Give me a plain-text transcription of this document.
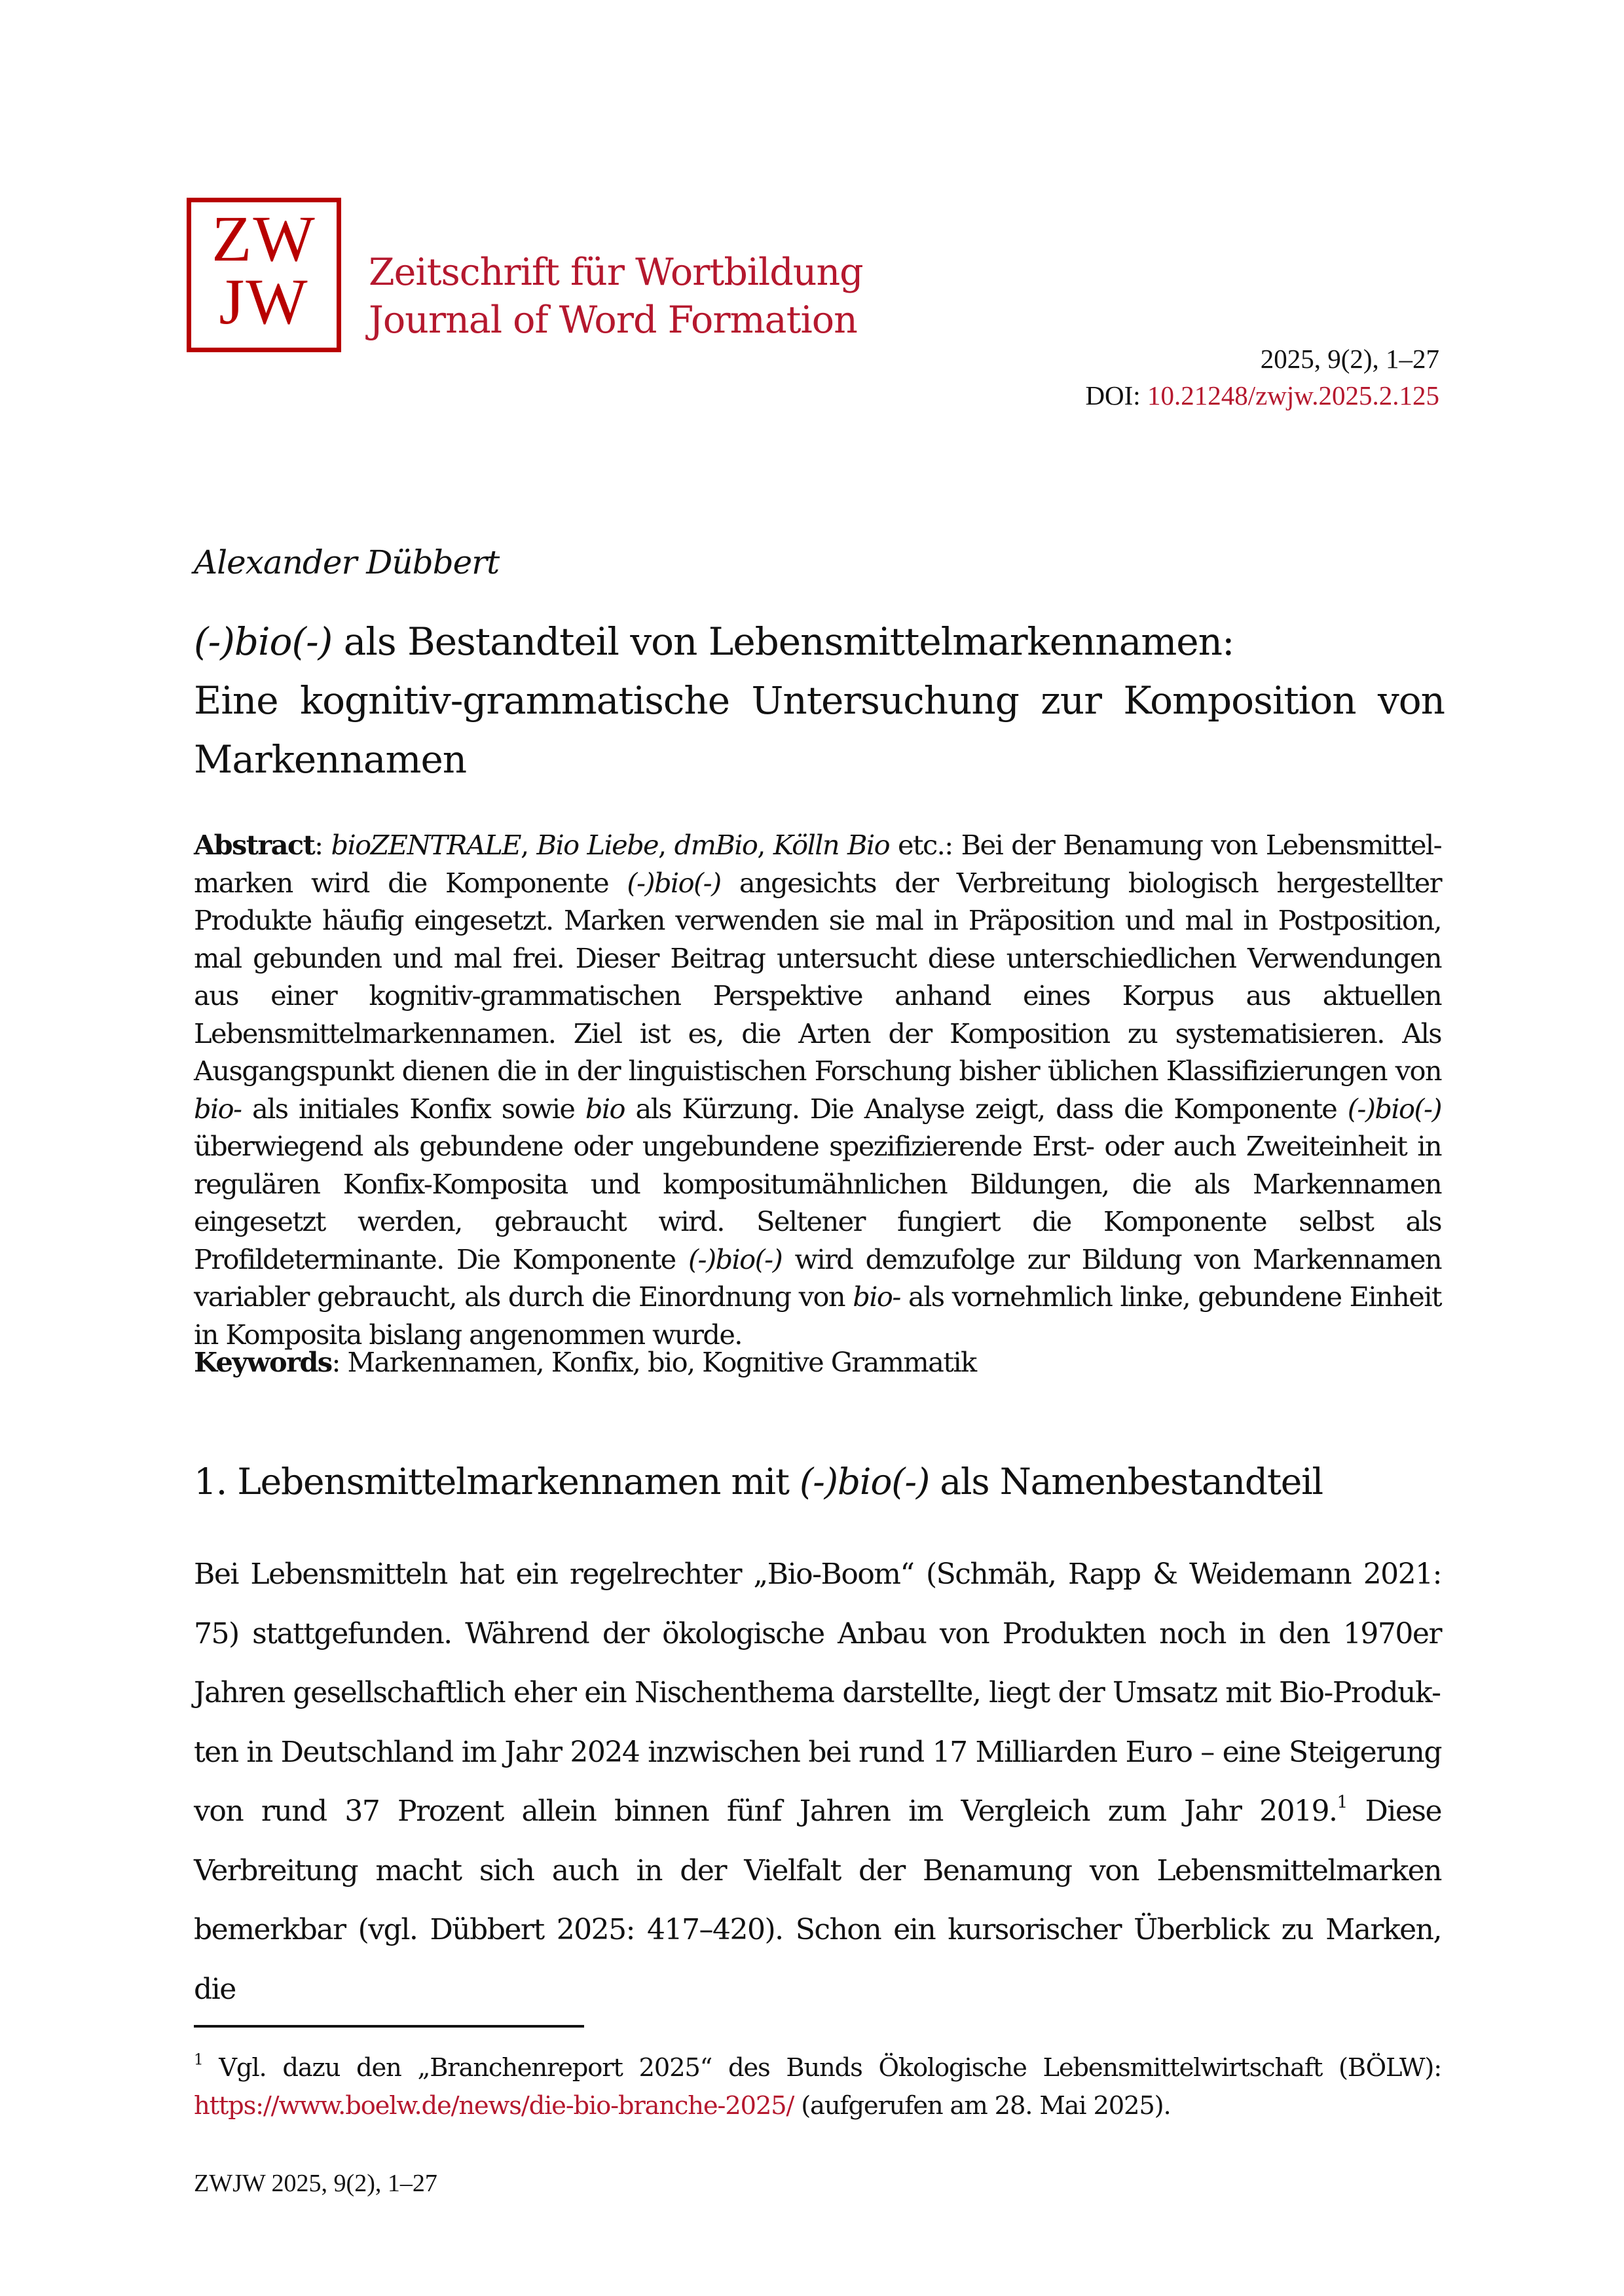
ZW
JW	Zeitschrift für Wortbildung
Journal of Word Formation
2025, 9(2), 1–27
DOI: 10.21248/zwjw.2025.2.125
Alexander Dübbert
(-)bio(-) als Bestandteil von Lebensmittelmarkennamen:
Eine kognitiv-grammatische Untersuchung zur Komposition von
Markennamen
Abstract: bioZENTRALE, Bio Liebe, dmBio, Kölln Bio etc.: Bei der Benamung von Lebensmittel-marken wird die Komponente (-)bio(-) angesichts der Verbreitung biologisch hergestellter Produkte häufig eingesetzt. Marken verwenden sie mal in Präposition und mal in Postposition, mal gebunden und mal frei. Dieser Beitrag untersucht diese unterschiedlichen Verwendungen aus einer kognitiv-grammatischen Perspektive anhand eines Korpus aus aktuellen Lebensmittelmarkennamen. Ziel ist es, die Arten der Komposition zu systematisieren. Als Ausgangspunkt dienen die in der linguistischen Forschung bisher üblichen Klassifizierungen von bio- als initiales Konfix sowie bio als Kürzung. Die Analyse zeigt, dass die Komponente (-)bio(-) überwiegend als gebundene oder ungebundene spezifizierende Erst- oder auch Zweiteinheit in regulären Konfix-Komposita und kompositumähnlichen Bildungen, die als Markennamen eingesetzt werden, gebraucht wird. Seltener fungiert die Komponente selbst als Profildeterminante. Die Komponente (-)bio(-) wird demzufolge zur Bildung von Markennamen variabler gebraucht, als durch die Einordnung von bio- als vornehmlich linke, gebundene Einheit in Komposita bislang angenommen wurde.
Keywords: Markennamen, Konfix, bio, Kognitive Grammatik
1. Lebensmittelmarkennamen mit (-)bio(-) als Namenbestandteil
Bei Lebensmitteln hat ein regelrechter „Bio-Boom“ (Schmäh, Rapp & Weidemann 2021: 75) stattgefunden. Während der ökologische Anbau von Produkten noch in den 1970er Jahren gesellschaftlich eher ein Nischenthema darstellte, liegt der Umsatz mit Bio-Produkten in Deutschland im Jahr 2024 inzwischen bei rund 17 Milliarden Euro – eine Steigerung von rund 37 Prozent allein binnen fünf Jahren im Vergleich zum Jahr 2019.$^1$ Diese Verbreitung macht sich auch in der Vielfalt der Benamung von Lebensmittelmarken bemerkbar (vgl. Dübbert 2025: 417–420). Schon ein kursorischer Überblick zu Marken, die
$^1$ Vgl. dazu den „Branchenreport 2025“ des Bunds Ökologische Lebensmittelwirtschaft (BÖLW): https://www.boelw.de/news/die-bio-branche-2025/ (aufgerufen am 28. Mai 2025).
ZWJW 2025, 9(2), 1–27
